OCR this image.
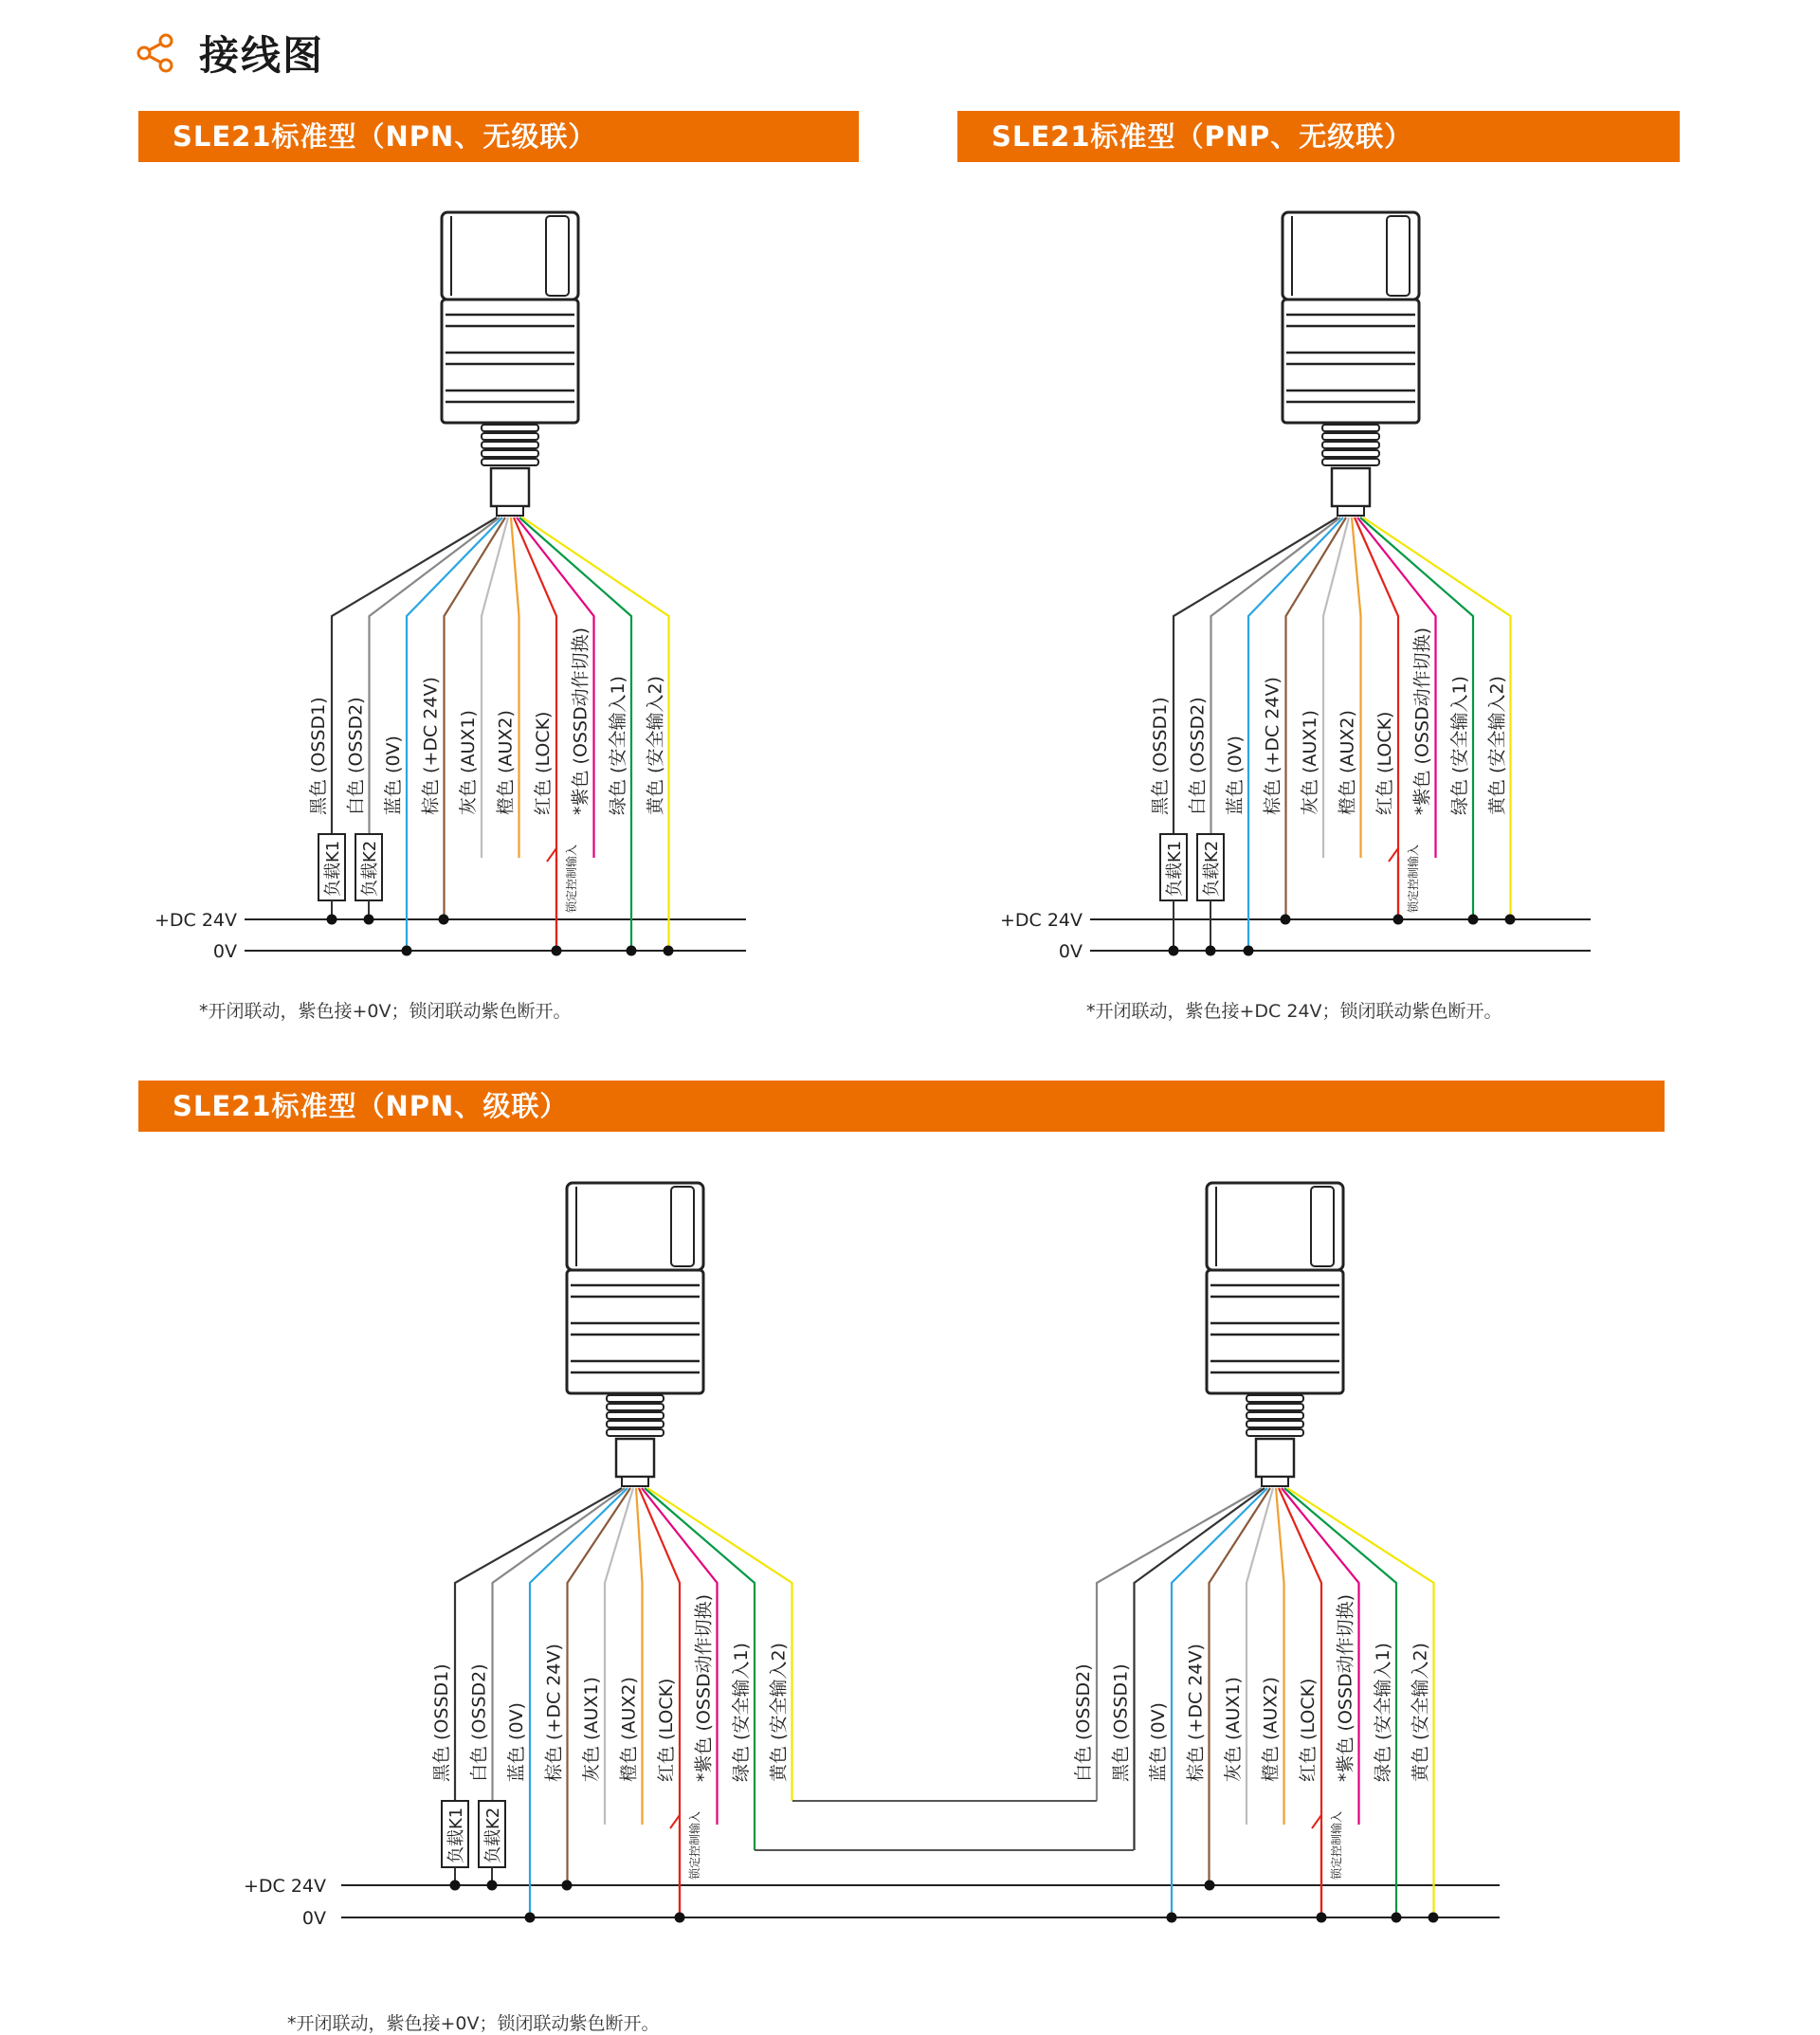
+DC 24V
0V
黑色 (OSSD1) 白色 (OSSD2) 蓝色 (0V) 棕色 (+DC 24V) 灰色 (AUX1) 橙色 (AUX2) 红色 (LOCK) *紫色 (OSSD动作切换) 绿色 (安全输入1) 黄色 (安全输入2)
负载K1 负载K2	锁定控制输入
+DC 24V
0V
黑色 (OSSD1) 白色 (OSSD2) 蓝色 (0V) 棕色 (+DC 24V) 灰色 (AUX1) 橙色 (AUX2) 红色 (LOCK) *紫色 (OSSD动作切换) 绿色 (安全输入1) 黄色 (安全输入2)
负载K1 负载K2	锁定控制输入
+DC 24V
0V
黑色 (OSSD1) 白色 (OSSD2) 蓝色 (0V) 棕色 (+DC 24V) 灰色 (AUX1) 橙色 (AUX2) 红色 (LOCK) *紫色 (OSSD动作切换) 绿色 (安全输入1) 黄色 (安全输入2)
负载K1 负载K2	锁定控制输入
白色 (OSSD2) 黑色 (OSSD1) 蓝色 (0V) 棕色 (+DC 24V) 灰色 (AUX1) 橙色 (AUX2) 红色 (LOCK) *紫色 (OSSD动作切换) 绿色 (安全输入1) 黄色 (安全输入2)
锁定控制输入
接线图
SLE21标准型（NPN、无级联）	SLE21标准型（PNP、无级联）
SLE21标准型（NPN、级联）
*开闭联动，紫色接+0V；锁闭联动紫色断开。	*开闭联动，紫色接+DC 24V；锁闭联动紫色断开。
*开闭联动，紫色接+0V；锁闭联动紫色断开。
